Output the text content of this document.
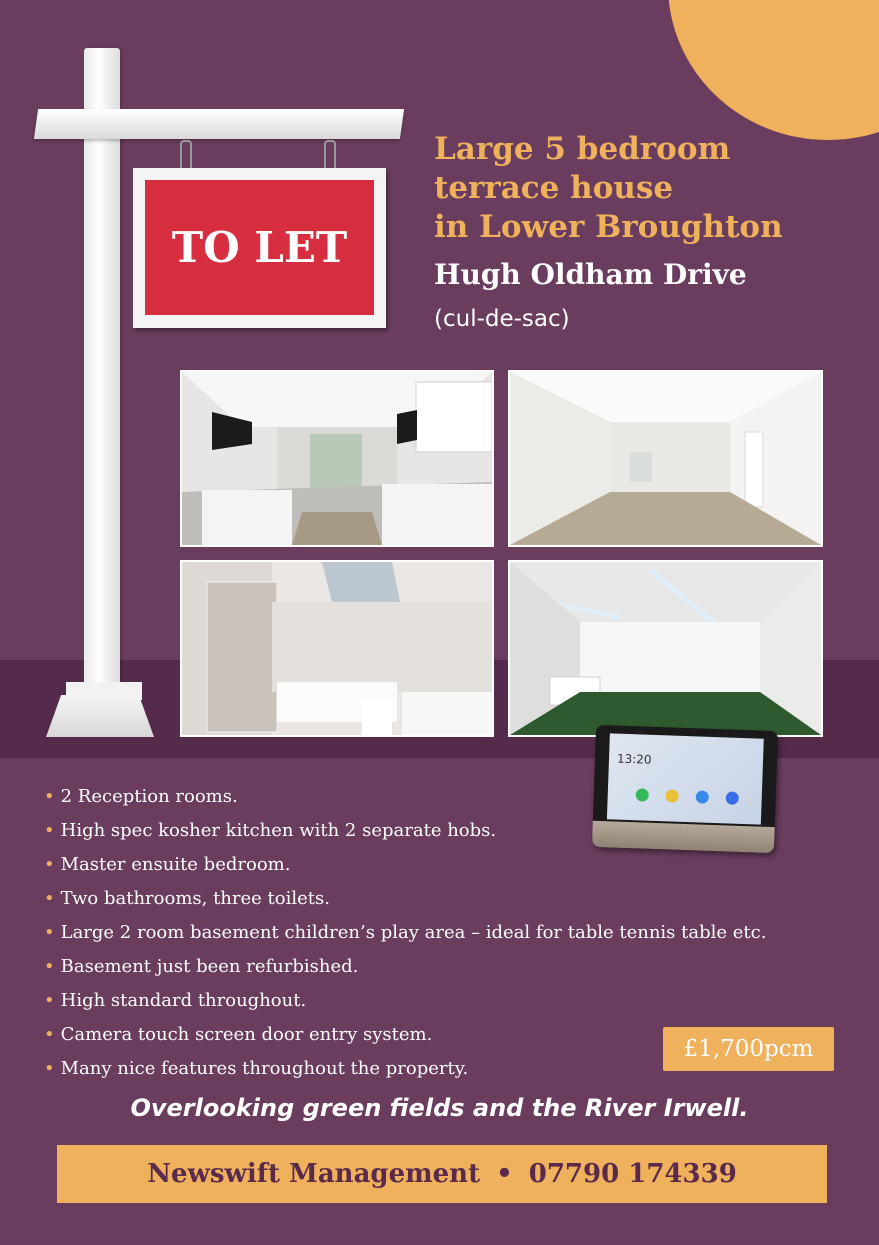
TO LET
Large 5 bedroom
terrace house
in Lower Broughton
Hugh Oldham Drive

(cul-de-sac)

13:20
• 2 Reception rooms.
• High spec kosher kitchen with 2 separate hobs.
• Master ensuite bedroom.
• Two bathrooms, three toilets.
• Large 2 room basement children’s play area – ideal for table tennis table etc.
• Basement just been refurbished.
• High standard throughout.
• Camera touch screen door entry system.
• Many nice features throughout the property.
£1,700pcm

Overlooking green fields and the River Irwell.

Newswift Management • 07790 174339
